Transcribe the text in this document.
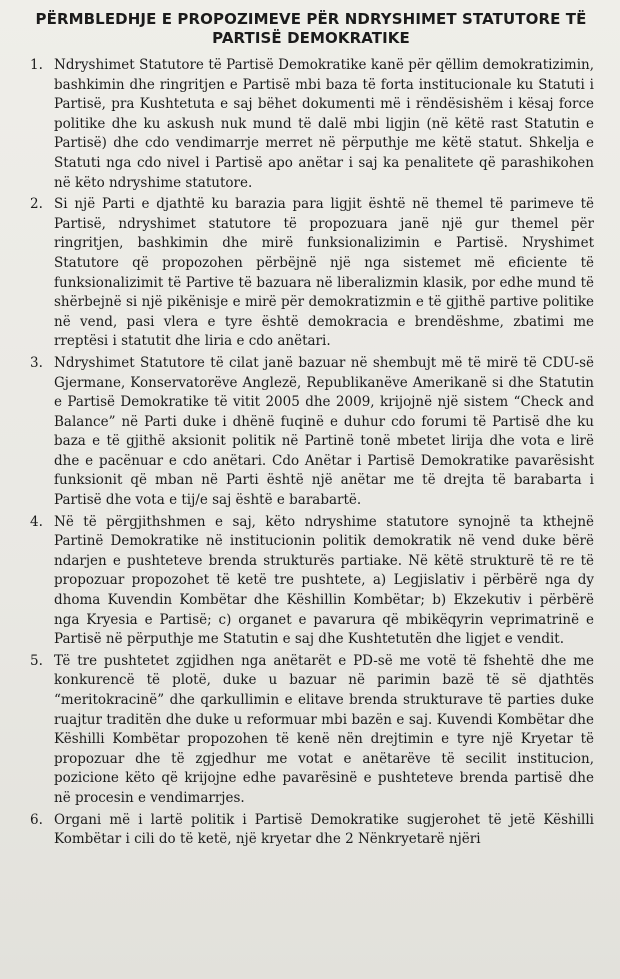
PËRMBLEDHJE E PROPOZIMEVE PËR NDRYSHIMET STATUTORE TË
PARTISË DEMOKRATIKE
1. Ndryshimet Statutore të Partisë Demokratike kanë për qëllim demokratizimin, bashkimin dhe ringritjen e Partisë mbi baza të forta institucionale ku Statuti i Partisë, pra Kushtetuta e saj bëhet dokumenti më i rëndësishëm i kësaj force politike dhe ku askush nuk mund të dalë mbi ligjin (në këtë rast Statutin e Partisë) dhe cdo vendimarrje merret në përputhje me këtë statut. Shkelja e Statuti nga cdo nivel i Partisë apo anëtar i saj ka penalitete që parashikohen në këto ndryshime statutore.
2. Si një Parti e djathtë ku barazia para ligjit është në themel të parimeve të Partisë, ndryshimet statutore të propozuara janë një gur themel për ringritjen, bashkimin dhe mirë funksionalizimin e Partisë. Nryshimet Statutore që propozohen përbëjnë një nga sistemet më eficiente të funksionalizimit të Partive të bazuara në liberalizmin klasik, por edhe mund të shërbejnë si një pikënisje e mirë për demokratizmin e të gjithë partive politike në vend, pasi vlera e tyre është demokracia e brendëshme, zbatimi me rreptësi i statutit dhe liria e cdo anëtari.
3. Ndryshimet Statutore të cilat janë bazuar në shembujt më të mirë të CDU-së Gjermane, Konservatorëve Anglezë, Republikanëve Amerikanë si dhe Statutin e Partisë Demokratike të vitit 2005 dhe 2009, krijojnë një sistem “Check and Balance” në Parti duke i dhënë fuqinë e duhur cdo forumi të Partisë dhe ku baza e të gjithë aksionit politik në Partinë tonë mbetet lirija dhe vota e lirë dhe e pacënuar e cdo anëtari. Cdo Anëtar i Partisë Demokratike pavarësisht funksionit që mban në Parti është një anëtar me të drejta të barabarta i Partisë dhe vota e tij/e saj është e barabartë.
4. Në të përgjithshmen e saj, këto ndryshime statutore synojnë ta kthejnë Partinë Demokratike në institucionin politik demokratik në vend duke bërë ndarjen e pushteteve brenda strukturës partiake. Në këtë strukturë të re të propozuar propozohet të ketë tre pushtete, a) Legjislativ i përbërë nga dy dhoma Kuvendin Kombëtar dhe Këshillin Kombëtar; b) Ekzekutiv i përbërë nga Kryesia e Partisë; c) organet e pavarura që mbikëqyrin veprimatrinë e Partisë në përputhje me Statutin e saj dhe Kushtetutën dhe ligjet e vendit.
5. Të tre pushtetet zgjidhen nga anëtarët e PD-së me votë të fshehtë dhe me konkurencë të plotë, duke u bazuar në parimin bazë të së djathtës “meritokracinë” dhe qarkullimin e elitave brenda strukturave të parties duke ruajtur traditën dhe duke u reformuar mbi bazën e saj. Kuvendi Kombëtar dhe Këshilli Kombëtar propozohen të kenë nën drejtimin e tyre një Kryetar të propozuar dhe të zgjedhur me votat e anëtarëve të secilit institucion, pozicione këto që krijojne edhe pavarësinë e pushteteve brenda partisë dhe në procesin e vendimarrjes.
6. Organi më i lartë politik i Partisë Demokratike sugjerohet të jetë Këshilli Kombëtar i cili do të ketë, një kryetar dhe 2 Nënkryetarë njëri
